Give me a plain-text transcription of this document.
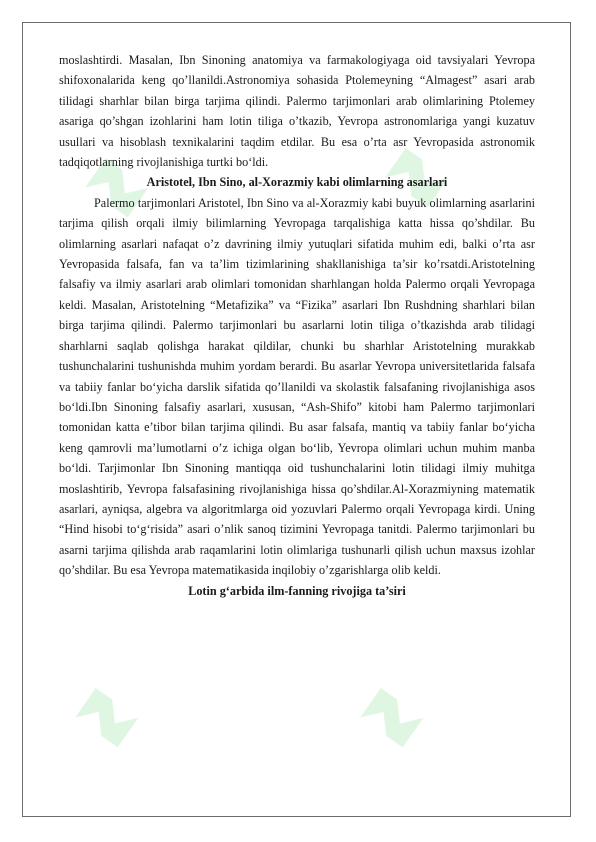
moslashtirdi. Masalan, Ibn Sinoning anatomiya va farmakologiyaga oid tavsiyalari Yevropa shifoxonalarida keng qo’llanildi.Astronomiya sohasida Ptolemeyning “Almagest” asari arab tilidagi sharhlar bilan birga tarjima qilindi. Palermo tarjimonlari arab olimlarining Ptolemey asariga qo’shgan izohlarini ham lotin tiliga o’tkazib, Yevropa astronomlariga yangi kuzatuv usullari va hisoblash texnikalarini taqdim etdilar. Bu esa o’rta asr Yevropasida astronomik tadqiqotlarning rivojlanishiga turtki bo‘ldi.

Aristotel, Ibn Sino, al-Xorazmiy kabi olimlarning asarlari

Palermo tarjimonlari Aristotel, Ibn Sino va al-Xorazmiy kabi buyuk olimlarning asarlarini tarjima qilish orqali ilmiy bilimlarning Yevropaga tarqalishiga katta hissa qo’shdilar. Bu olimlarning asarlari nafaqat o’z davrining ilmiy yutuqlari sifatida muhim edi, balki o’rta asr Yevropasida falsafa, fan va ta’lim tizimlarining shakllanishiga ta’sir ko’rsatdi.Aristotelning falsafiy va ilmiy asarlari arab olimlari tomonidan sharhlangan holda Palermo orqali Yevropaga keldi. Masalan, Aristotelning “Metafizika” va “Fizika” asarlari Ibn Rushdning sharhlari bilan birga tarjima qilindi. Palermo tarjimonlari bu asarlarni lotin tiliga o’tkazishda arab tilidagi sharhlarni saqlab qolishga harakat qildilar, chunki bu sharhlar Aristotelning murakkab tushunchalarini tushunishda muhim yordam berardi. Bu asarlar Yevropa universitetlarida falsafa va tabiiy fanlar bo‘yicha darslik sifatida qo’llanildi va skolastik falsafaning rivojlanishiga asos bo‘ldi.Ibn Sinoning falsafiy asarlari, xususan, “Ash-Shifo” kitobi ham Palermo tarjimonlari tomonidan katta e’tibor bilan tarjima qilindi. Bu asar falsafa, mantiq va tabiiy fanlar bo‘yicha keng qamrovli ma’lumotlarni o’z ichiga olgan bo‘lib, Yevropa olimlari uchun muhim manba bo‘ldi. Tarjimonlar Ibn Sinoning mantiqqa oid tushunchalarini lotin tilidagi ilmiy muhitga moslashtirib, Yevropa falsafasining rivojlanishiga hissa qo’shdilar.Al-Xorazmiyning matematik asarlari, ayniqsa, algebra va algoritmlarga oid yozuvlari Palermo orqali Yevropaga kirdi. Uning “Hind hisobi to‘g‘risida” asari o’nlik sanoq tizimini Yevropaga tanitdi. Palermo tarjimonlari bu asarni tarjima qilishda arab raqamlarini lotin olimlariga tushunarli qilish uchun maxsus izohlar qo’shdilar. Bu esa Yevropa matematikasida inqilobiy o’zgarishlarga olib keldi.

Lotin g‘arbida ilm-fanning rivojiga ta’siri
